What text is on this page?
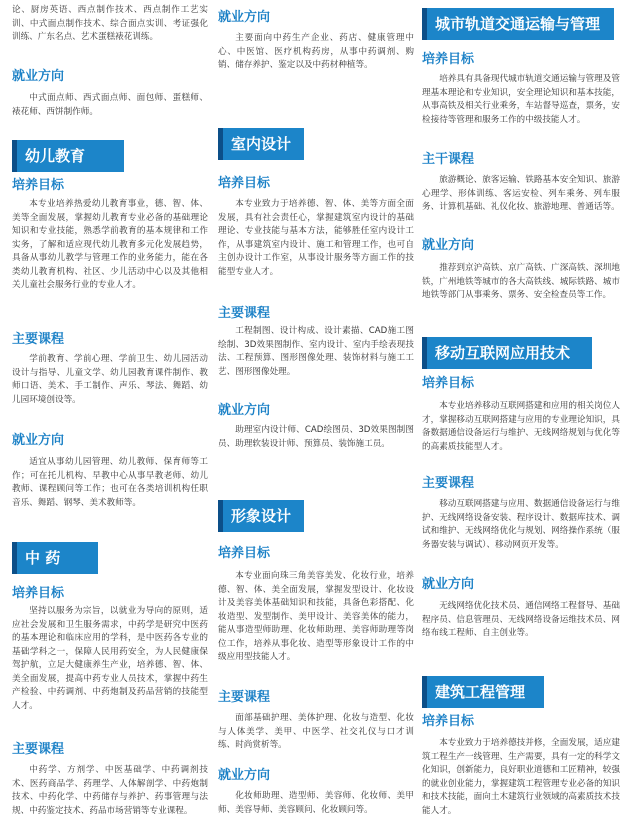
论、厨房英语、西点制作技术、西点制作工艺实训、中式面点制作技术、综合面点实训、考证强化训练、广东名点、艺术蛋糕裱花训练。

就业方向

中式面点师、西式面点师、面包师、蛋糕师、裱花师、西饼制作师。

幼儿教育
培养目标

本专业培养热爱幼儿教育事业，德、智、体、美等全面发展，掌握幼儿教育专业必备的基础理论知识和专业技能，熟悉学前教育的基本规律和工作实务，了解和适应现代幼儿教育多元化发展趋势，具备从事幼儿教学与管理工作的业务能力，能在各类幼儿教育机构、社区、少儿活动中心以及其他相关儿童社会服务行业的专业人才。

主要课程

学前教育、学前心理、学前卫生、幼儿园活动设计与指导、儿童文学、幼儿园教育课件制作、教师口语、美术、手工制作、声乐、琴法、舞蹈、幼儿园环境创设等。

就业方向

适宜从事幼儿园管理、幼儿教师、保育师等工作；可在托儿机构、早教中心从事早教老师、幼儿教师、课程顾问等工作；也可在各类培训机构任职音乐、舞蹈、钢琴、美术教师等。

中 药
培养目标

坚持以服务为宗旨，以就业为导向的原则，适应社会发展和卫生服务需求，中药学是研究中医药的基本理论和临床应用的学科，是中医药各专业的基础学科之一，保障人民用药安全，为人民健康保驾护航，立足大健康养生产业，培养德、智、体、美全面发展，提高中药专业人员技术，掌握中药生产检验、中药调剂、中药炮制及药品营销的技能型人才。

主要课程

中药学、方剂学、中医基础学、中药调剂技术、医药商品学、药理学、人体解剖学、中药炮制技术、中药化学、中药储存与养护、药事管理与法规、中药鉴定技术、药品市场营销等专业课程。

就业方向

主要面向中药生产企业、药店、健康管理中心、中医馆、医疗机构药房，从事中药调剂、购销、储存养护、鉴定以及中药材种植等。

室内设计
培养目标

本专业致力于培养德、智、体、美等方面全面发展，具有社会责任心，掌握建筑室内设计的基础理论、专业技能与基本方法，能够胜任室内设计工作，从事建筑室内设计、施工和管理工作，也可自主创办设计工作室，从事设计服务等方面工作的技能型专业人才。

主要课程

工程制图、设计构成、设计素描、CAD施工图绘制、3D效果图制作、室内设计、室内手绘表现技法、工程预算、图形图像处理、装饰材料与施工工艺、图形图像处理。

就业方向

助理室内设计师、CAD绘图员、3D效果图制图员、助理软装设计师、预算员、装饰施工员。

形象设计
培养目标

本专业面向珠三角美容美发、化妆行业，培养德、智、体、美全面发展，掌握发型设计、化妆设计及美容美体基础知识和技能，具备色彩搭配、化妆造型、发型制作、美甲设计、美容美体的能力，能从事造型师助理、化妆师助理、美容师助理等岗位工作，培养从事化妆、造型等形象设计工作的中级应用型技能人才。

主要课程

面部基础护理、美体护理、化妆与造型、化妆与人体美学、美甲、中医学、社交礼仪与口才训练、时尚赏析等。

就业方向

化妆师助理、造型师、美容师、化妆师、美甲师、美容导师、美容顾问、化妆顾问等。

城市轨道交通运输与管理
培养目标

培养具有具备现代城市轨道交通运输与管理及管理基本理论和专业知识，安全理论知识和基本技能，从事高铁及相关行业乘务，车站督导巡查，票务，安检接待等管理和服务工作的中级技能人才。

主干课程

旅游概论、旅客运输、铁路基本安全知识、旅游心理学、形体训练、客运安检、列车乘务、列车服务、计算机基础、礼仪化妆、旅游地理、普通话等。

就业方向

推荐到京沪高铁、京广高铁、广深高铁、深圳地铁，广州地铁等城市的各大高铁线、城际铁路、城市地铁等部门从事乘务、票务、安全检查员等工作。

移动互联网应用技术
培养目标

本专业培养移动互联网搭建和应用的相关岗位人才，掌握移动互联网搭建与应用的专业理论知识，具备数据通信设备运行与维护、无线网络规划与优化等的高素质技能型人才。

主要课程

移动互联网搭建与应用、数据通信设备运行与维护、无线网络设备安装、程序设计、数据库技术、调试和维护、无线网络优化与规划、网络操作系统（服务器安装与调试）、移动网页开发等。

就业方向

无线网络优化技术员、通信网络工程督导、基础程序员、信息管理员、无线网络设备运维技术员、网络布线工程师、自主创业等。

建筑工程管理
培养目标

本专业致力于培养德技并修，全面发展，适应建筑工程生产一线管理、生产需要，具有一定的科学文化知识，创新能力，良好职业道德和工匠精神，较强的就业创业能力，掌握建筑工程管理专业必备的知识和技术技能，面向土木建筑行业领域的高素质技术技能人才。
